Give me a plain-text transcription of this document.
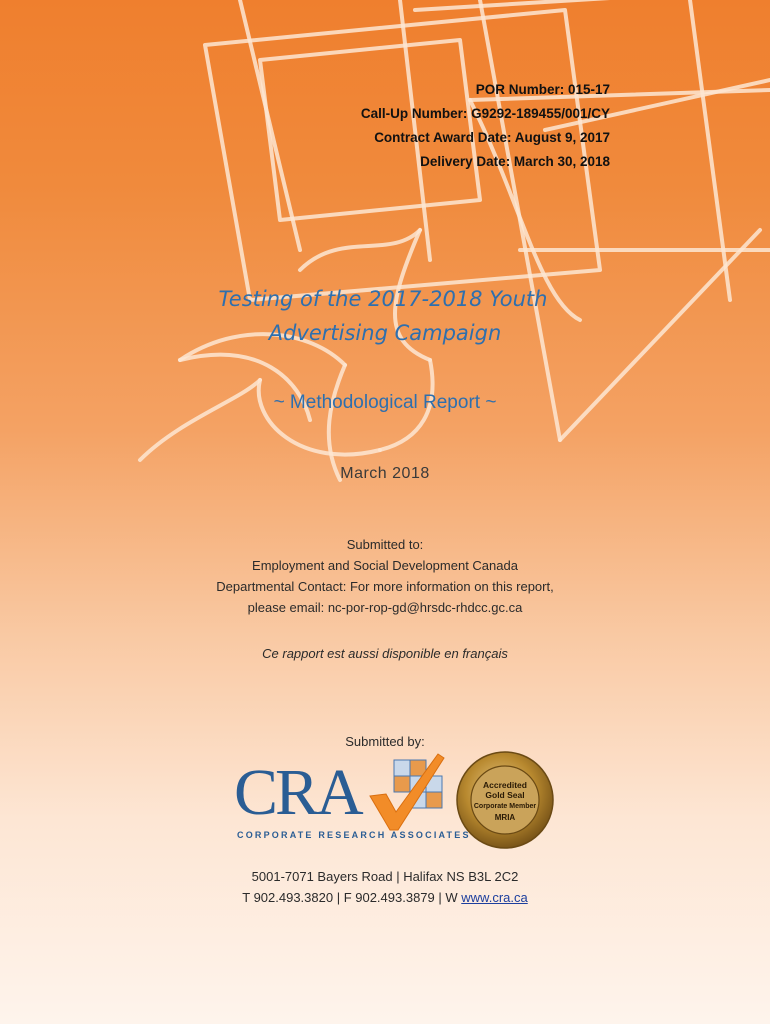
POR Number: 015-17
Call-Up Number: G9292-189455/001/CY
Contract Award Date: August 9, 2017
Delivery Date: March 30, 2018
Testing of the 2017-2018 Youth
Advertising Campaign
~ Methodological Report ~
March 2018
Submitted to:
Employment and Social Development Canada
Departmental Contact: For more information on this report,
please email: nc-por-rop-gd@hrsdc-rhdcc.gc.ca
Ce rapport est aussi disponible en français
Submitted by:
CRA
CORPORATE RESEARCH ASSOCIATES
Accredited
Gold Seal
Corporate Member
MRIA
5001-7071 Bayers Road | Halifax NS B3L 2C2
T 902.493.3820 | F 902.493.3879 | W www.cra.ca
